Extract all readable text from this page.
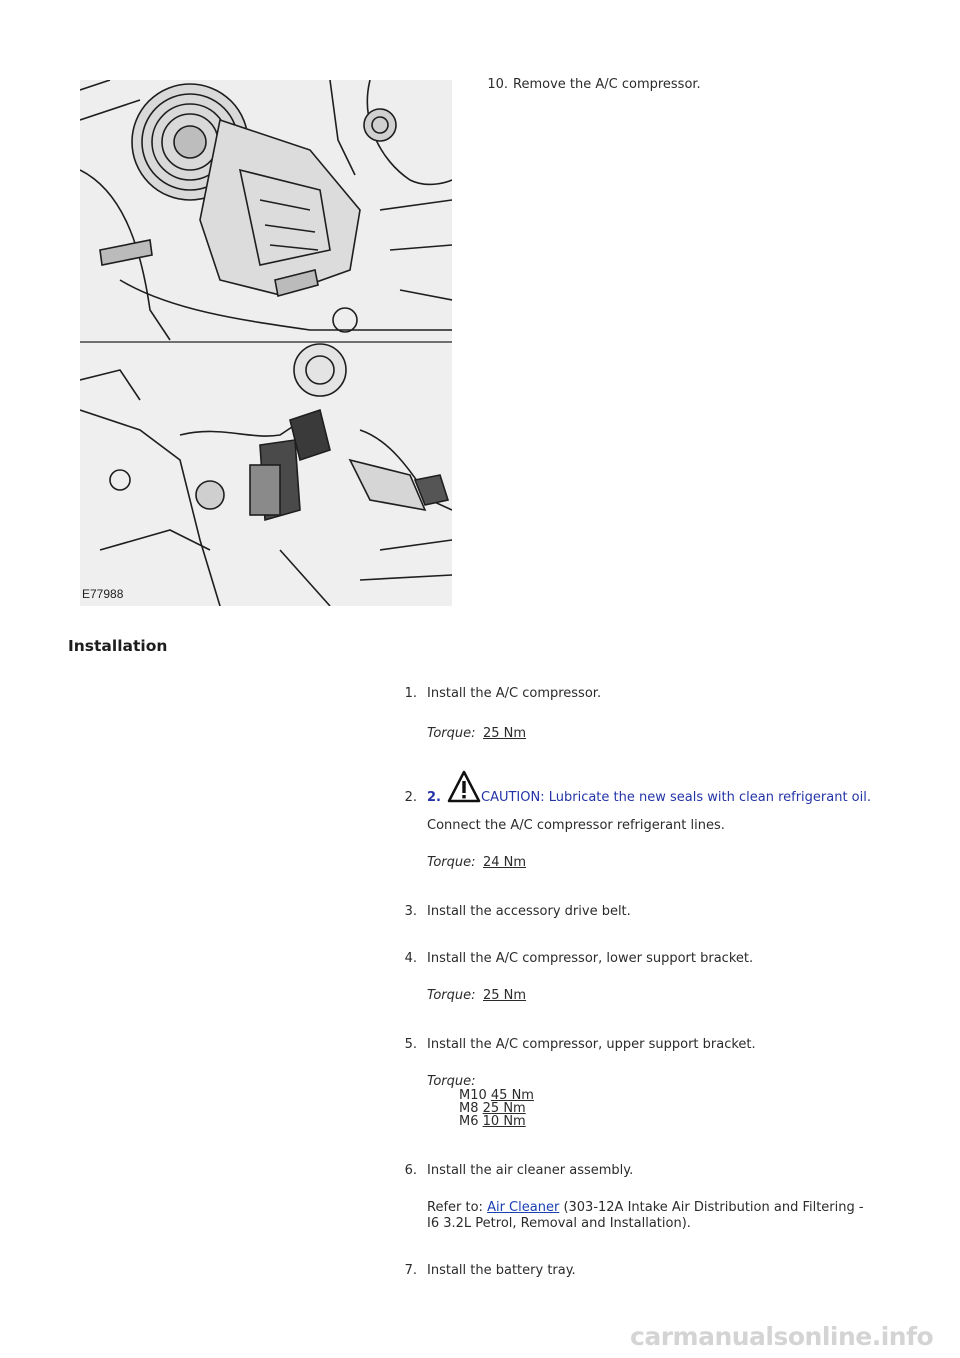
10. Remove the A/C compressor.
E77988
Installation
1. Install the A/C compressor.
Torque: 25 Nm
2. 2.	CAUTION: Lubricate the new seals with clean refrigerant oil.
Connect the A/C compressor refrigerant lines.
Torque: 24 Nm
3. Install the accessory drive belt.
4. Install the A/C compressor, lower support bracket.
Torque: 25 Nm
5. Install the A/C compressor, upper support bracket.
Torque:
M10 45 Nm
M8 25 Nm
M6 10 Nm
6. Install the air cleaner assembly.
Refer to: Air Cleaner (303-12A Intake Air Distribution and Filtering -
I6 3.2L Petrol, Removal and Installation).
7. Install the battery tray.
carmanualsonline.info
